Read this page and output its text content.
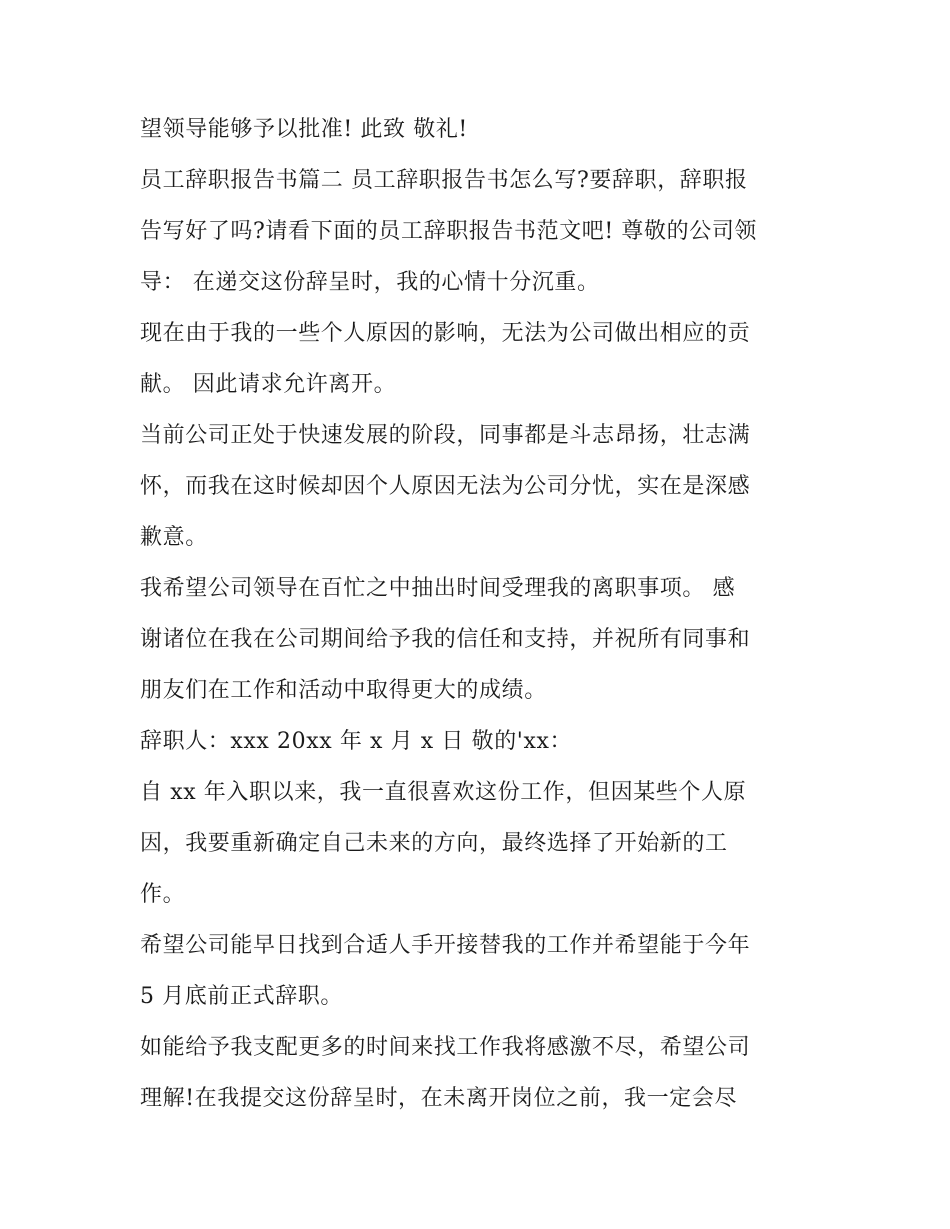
望领导能够予以批准! 此致 敬礼!
员工辞职报告书篇二 员工辞职报告书怎么写?要辞职，辞职报
告写好了吗?请看下面的员工辞职报告书范文吧! 尊敬的公司领
导： 在递交这份辞呈时，我的心情十分沉重。
现在由于我的一些个人原因的影响，无法为公司做出相应的贡
献。 因此请求允许离开。
当前公司正处于快速发展的阶段，同事都是斗志昂扬，壮志满
怀，而我在这时候却因个人原因无法为公司分忧，实在是深感
歉意。
我希望公司领导在百忙之中抽出时间受理我的离职事项。 感
谢诸位在我在公司期间给予我的信任和支持，并祝所有同事和
朋友们在工作和活动中取得更大的成绩。
辞职人：xxx 20xx 年 x 月 x 日 敬的'xx：
自 xx 年入职以来，我一直很喜欢这份工作，但因某些个人原
因，我要重新确定自己未来的方向，最终选择了开始新的工
作。
希望公司能早日找到合适人手开接替我的工作并希望能于今年
5 月底前正式辞职。
如能给予我支配更多的时间来找工作我将感激不尽，希望公司
理解!在我提交这份辞呈时，在未离开岗位之前，我一定会尽
